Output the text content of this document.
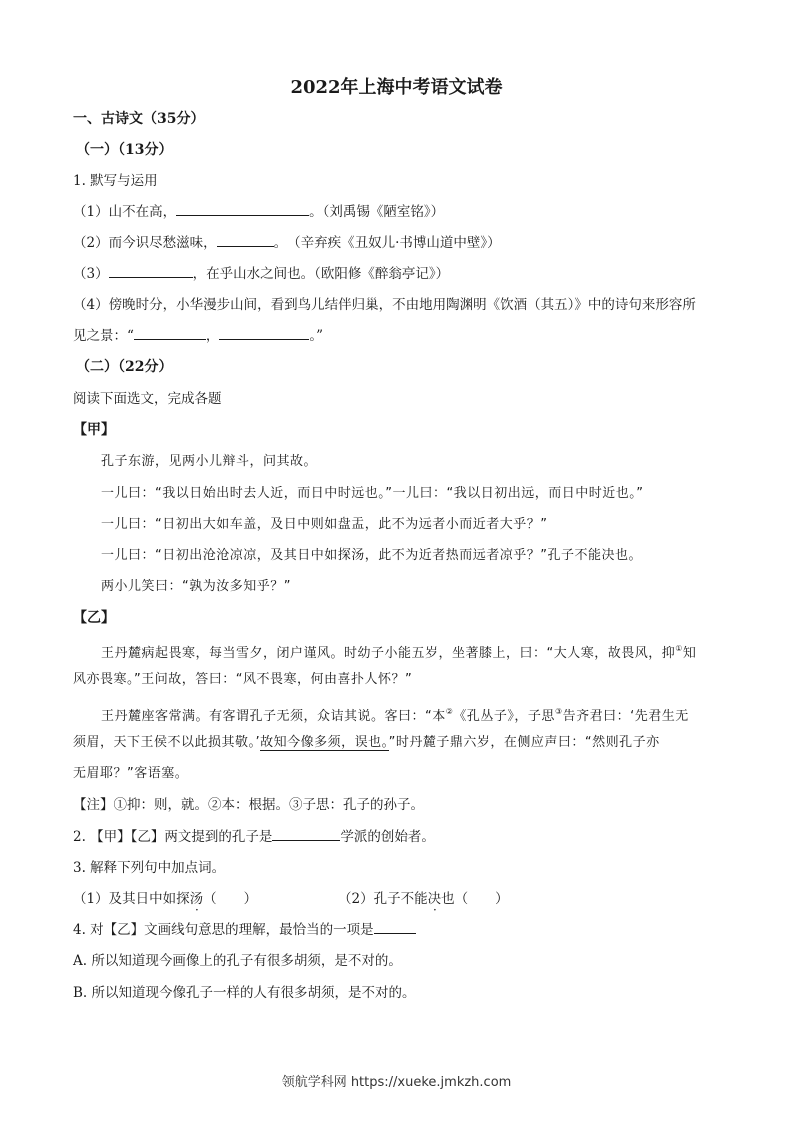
2022年上海中考语文试卷
一、古诗文（35分）
（一）（13分）
1. 默写与运用
（1）山不在高，	。（刘禹锡《陋室铭》）
（2）而今识尽愁滋味，	。　（辛弃疾《丑奴儿·书博山道中壁》）
（3）	，在乎山水之间也。（欧阳修《醉翁亭记》）
（4）傍晚时分，小华漫步山间，看到鸟儿结伴归巢，不由地用陶渊明《饮酒（其五）》中的诗句来形容所
见之景：“	，	。”
（二）（22分）
阅读下面选文，完成各题
【甲】
孔子东游，见两小儿辩斗，问其故。
一儿曰：“我以日始出时去人近，而日中时远也。”一儿曰：“我以日初出远，而日中时近也。”
一儿曰：“日初出大如车盖，及日中则如盘盂，此不为远者小而近者大乎？”
一儿曰：“日初出沧沧凉凉，及其日中如探汤，此不为近者热而远者凉乎？”孔子不能决也。
两小儿笑曰：“孰为汝多知乎？”
【乙】
王丹麓病起畏寒，每当雪夕，闭户谨风。时幼子小能五岁，坐著膝上，曰：“大人寒，故畏风，抑①知
风亦畏寒。”王问故，答曰：“风不畏寒，何由喜扑人怀？”
王丹麓座客常满。有客谓孔子无须，众诘其说。客曰：“本②《孔丛子》，子思③告齐君曰：‘先君生无
须眉，天下王侯不以此损其敬。’故知今像多须，误也。”时丹麓子鼎六岁，在侧应声曰：“然则孔子亦
无眉耶？”客语塞。
【注】①抑：则，就。②本：根据。③子思：孔子的孙子。
2. 【甲】【乙】两文提到的孔子是	学派的创始者。
3. 解释下列句中加点词。
（1）及其日中如探汤（　　）	（2）孔子不能决也（　　）
4. 对【乙】文画线句意思的理解，最恰当的一项是
A. 所以知道现今画像上的孔子有很多胡须，是不对的。
B. 所以知道现今像孔子一样的人有很多胡须，是不对的。
领航学科网 https://xueke.jmkzh.com
